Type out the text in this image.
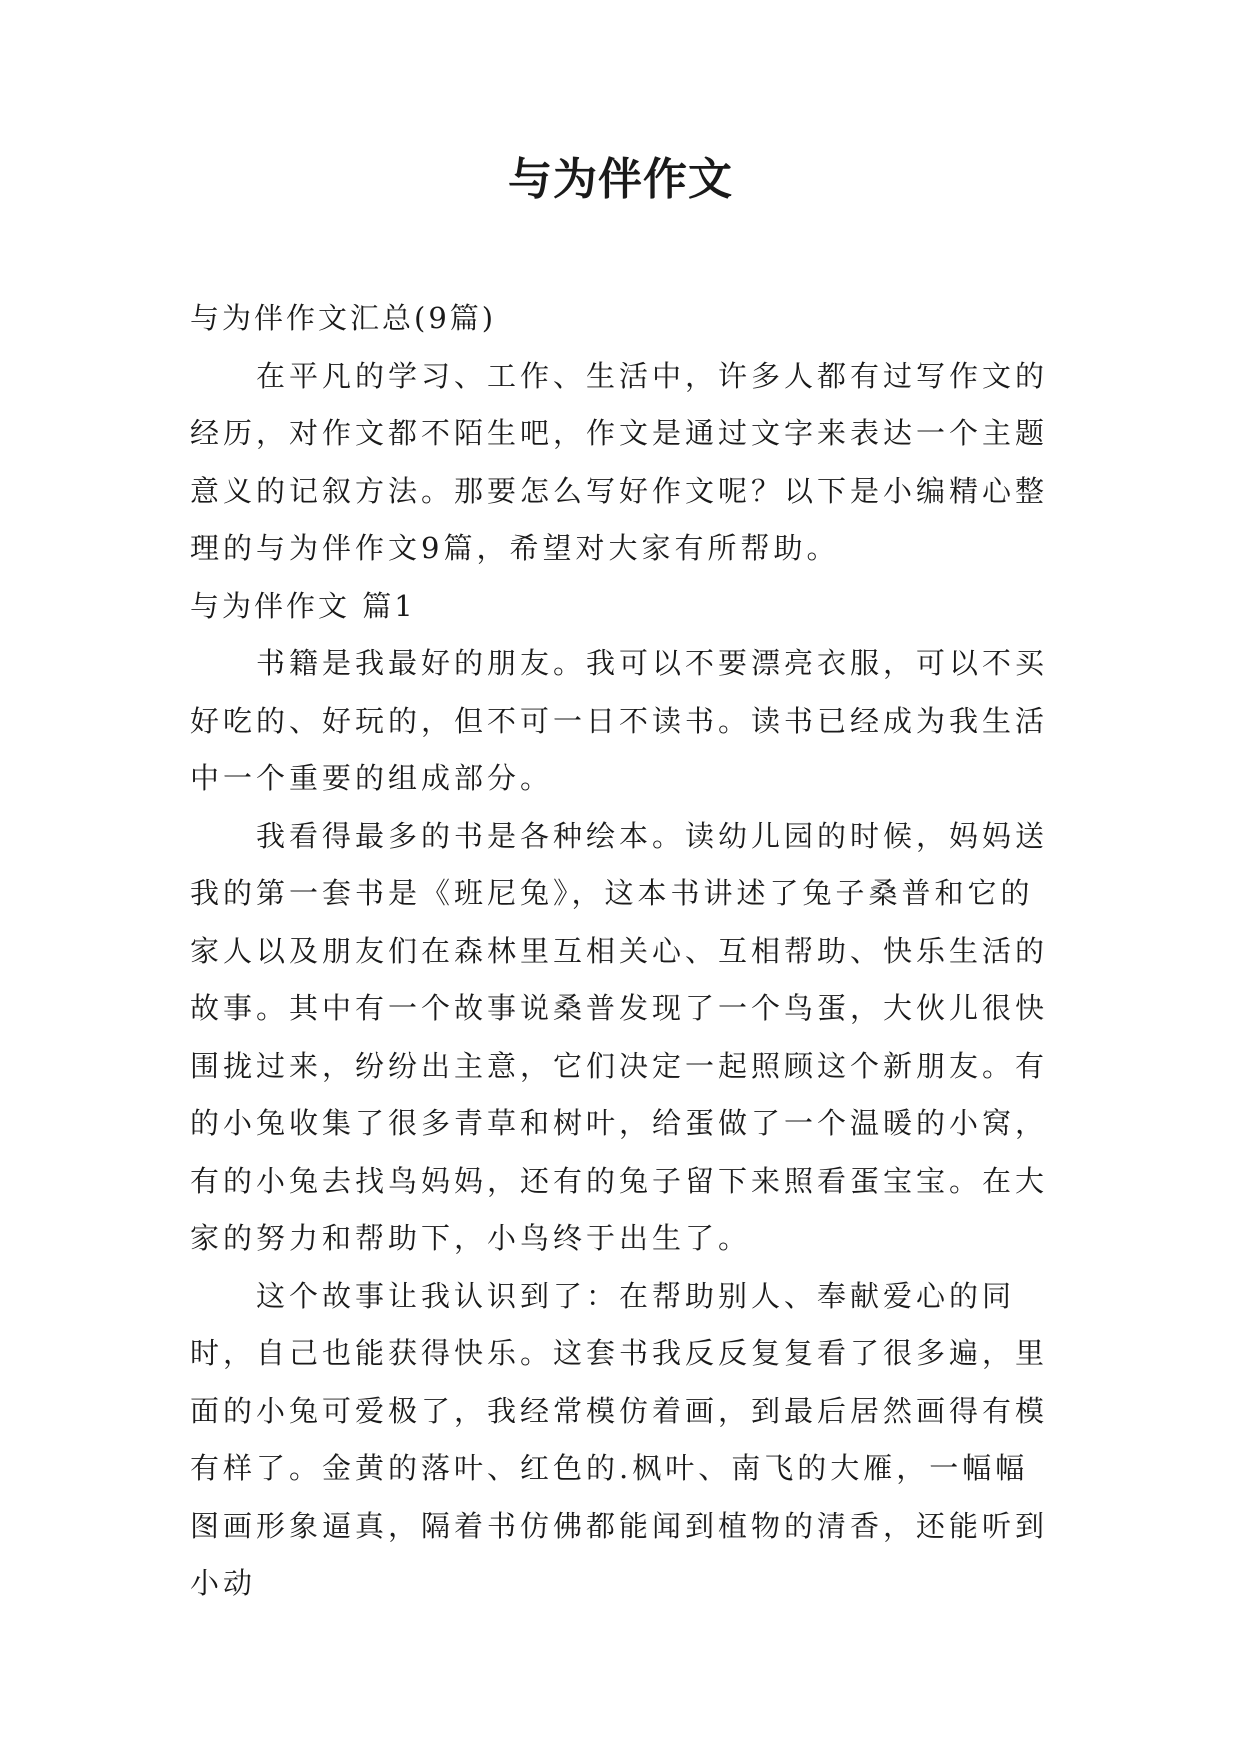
与为伴作文

与为伴作文汇总(9篇)

在平凡的学习、工作、生活中，许多人都有过写作文的经历，对作文都不陌生吧，作文是通过文字来表达一个主题意义的记叙方法。那要怎么写好作文呢？以下是小编精心整理的与为伴作文9篇，希望对大家有所帮助。

与为伴作文 篇1

书籍是我最好的朋友。我可以不要漂亮衣服，可以不买好吃的、好玩的，但不可一日不读书。读书已经成为我生活中一个重要的组成部分。

我看得最多的书是各种绘本。读幼儿园的时候，妈妈送我的第一套书是《班尼兔》，这本书讲述了兔子桑普和它的家人以及朋友们在森林里互相关心、互相帮助、快乐生活的故事。其中有一个故事说桑普发现了一个鸟蛋，大伙儿很快围拢过来，纷纷出主意，它们决定一起照顾这个新朋友。有的小兔收集了很多青草和树叶，给蛋做了一个温暖的小窝，有的小兔去找鸟妈妈，还有的兔子留下来照看蛋宝宝。在大家的努力和帮助下，小鸟终于出生了。

这个故事让我认识到了：在帮助别人、奉献爱心的同时，自己也能获得快乐。这套书我反反复复看了很多遍，里面的小兔可爱极了，我经常模仿着画，到最后居然画得有模有样了。金黄的落叶、红色的.枫叶、南飞的大雁，一幅幅图画形象逼真，隔着书仿佛都能闻到植物的清香，还能听到小动
